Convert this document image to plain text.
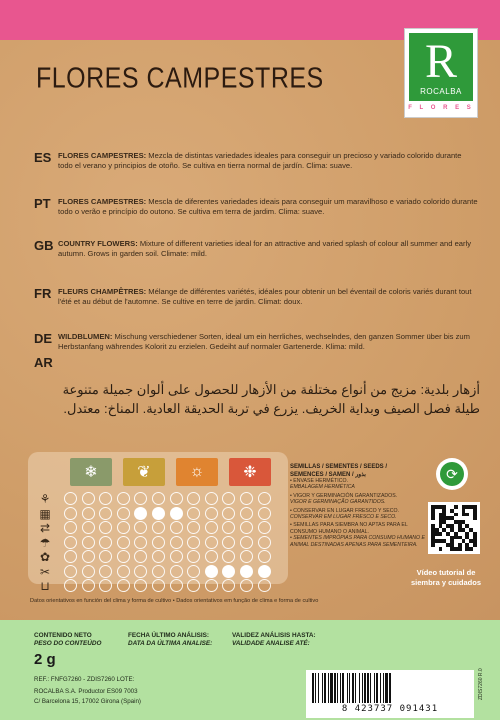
FLORES CAMPESTRES R
ROCALBA
F L O R E S
ES FLORES CAMPESTRES: Mezcla de distintas variedades ideales para conseguir un precioso y variado colorido durante todo el verano y principios de otoño. Se cultiva en tierra normal de jardín. Clima: suave.

PT FLORES CAMPESTRES: Mescla de diferentes variedades ideais para conseguir um maravilhoso e variado colorido durante todo o verão e princípio do outono. Se cultiva em terra de jardim. Clima: suave.

GB COUNTRY FLOWERS: Mixture of different varieties ideal for an attractive and varied splash of colour all summer and early autumn. Grows in garden soil. Climate: mild.

FR FLEURS CHAMPÊTRES: Mélange de différentes variétés, idéales pour obtenir un bel éventail de coloris variés durant tout l'été et au début de l'automne. Se cultive en terre de jardin. Climat: doux.

DE WILDBLUMEN: Mischung verschiedener Sorten, ideal um ein herrliches, wechselndes, den ganzen Sommer über bis zum Herbstanfang währendes Kolorit zu erzielen. Gedeiht auf normaler Gartenerde. Klima: mild.

AR

أزهار بلدية: مزيج من أنواع مختلفة من الأزهار للحصول على ألوان جميلة متنوعة طيلة فصل الصيف وبداية الخريف. يزرع في تربة الحديقة العادية. المناخ: معتدل.

❄ ❦ ☼ ❉
⚘
▦
⇄
☂
✿
✂
⊔
SEMILLAS / SEMENTES / SEEDS /
SEMENCES / SAMEN / بذور
• ENVASE HERMÉTICO.
EMBALAGEM HERMÉTICA
• VIGOR Y GERMINACIÓN GARANTIZADOS.
VIGOR E GERMINAÇÃO GARANTIDOS.
• CONSERVAR EN LUGAR FRESCO Y SECO.
CONSERVAR EM LUGAR FRESCO E SECO.
• SEMILLAS PARA SIEMBRA NO APTAS PARA EL CONSUMO HUMANO O ANIMAL.
• SEMENTES IMPRÓPIAS PARA CONSUMO HUMANO E ANIMAL DESTINADAS APENAS PARA SEMENTEIRA.
⟳
Vídeo tutorial de
siembra y cuidados
Datos orientativos en función del clima y forma de cultivo • Dados orientativos em função de clima e forma de cultivo
CONTENIDO NETO
PESO DO CONTEÚDO
2 g
FECHA ÚLTIMO ANÁLISIS:
DATA DA ÚLTIMA ANALISE:
VALIDEZ ANÁLISIS HASTA:
VALIDADE ANALISE ATÉ:
REF.: FNFG7260 - ZDIS7260 LOTE:
ROCALBA S.A. Productor ES09 7003
C/ Barcelona 15, 17002 Girona (Spain)
8 423737 091431
ZDIS7260 R.0
